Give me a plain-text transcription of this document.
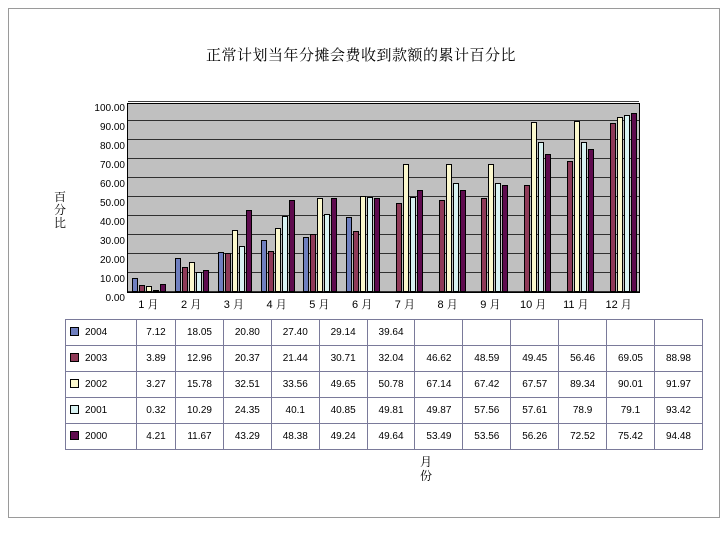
正常计划当年分摊会费收到款额的累计百分比
百分比
0.00
10.00
20.00
30.00
40.00
50.00
60.00
70.00
80.00
90.00
100.00
1 月	2 月	3 月	4 月	5 月	6 月	7 月	8 月	9 月	10 月	11 月	12 月
2004	7.12	18.05	20.80	27.40	29.14	39.64						
2003	3.89	12.96	20.37	21.44	30.71	32.04	46.62	48.59	49.45	56.46	69.05	88.98
2002	3.27	15.78	32.51	33.56	49.65	50.78	67.14	67.42	67.57	89.34	90.01	91.97
2001	0.32	10.29	24.35	40.1	40.85	49.81	49.87	57.56	57.61	78.9	79.1	93.42
2000	4.21	11.67	43.29	48.38	49.24	49.64	53.49	53.56	56.26	72.52	75.42	94.48
月份
